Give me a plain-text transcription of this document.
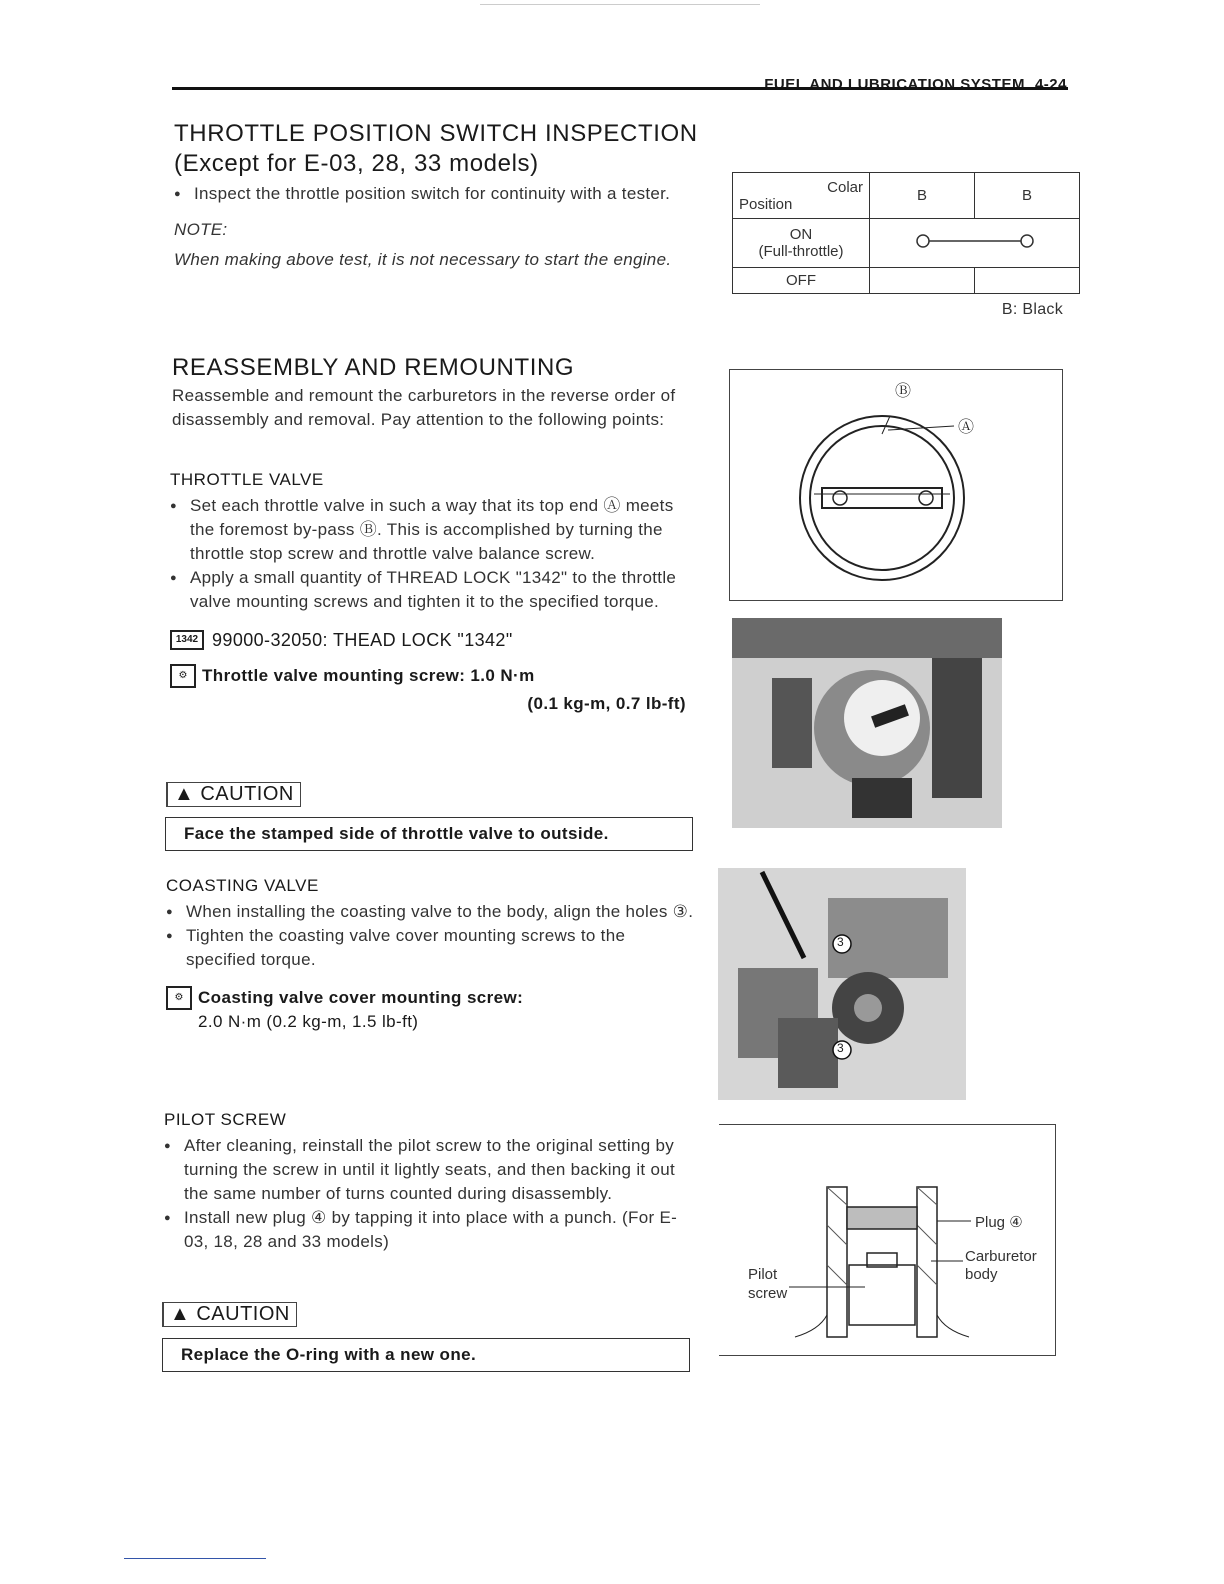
FUEL AND LUBRICATION SYSTEM 4-24
THROTTLE POSITION SWITCH INSPECTION
(Except for E-03, 28, 33 models)
● Inspect the throttle position switch for continuity with a tester.
NOTE:
When making above test, it is not necessary to start the engine.
Colar
Position	B	B

ON
(Full-throttle)

OFF		
B: Black
REASSEMBLY AND REMOUNTING
Reassemble and remount the carburetors in the reverse order of disassembly and removal. Pay attention to the following points:
THROTTLE VALVE
● Set each throttle valve in such a way that its top end Ⓐ meets the foremost by-pass Ⓑ. This is accomplished by turning the throttle stop screw and throttle valve balance screw.
● Apply a small quantity of THREAD LOCK "1342" to the throttle valve mounting screws and tighten it to the specified torque.
1342 99000-32050: THEAD LOCK "1342"
⚙ Throttle valve mounting screw: 1.0 N·m
(0.1 kg-m, 0.7 lb-ft)
▲ CAUTION
Face the stamped side of throttle valve to outside.
COASTING VALVE
● When installing the coasting valve to the body, align the holes ③.
● Tighten the coasting valve cover mounting screws to the specified torque.
⚙ Coasting valve cover mounting screw:
2.0 N·m (0.2 kg-m, 1.5 lb-ft)
PILOT SCREW
● After cleaning, reinstall the pilot screw to the original setting by turning the screw in until it lightly seats, and then backing it out the same number of turns counted during disassembly.
● Install new plug ④ by tapping it into place with a punch. (For E-03, 18, 28 and 33 models)
▲ CAUTION
Replace the O-ring with a new one.
Ⓑ
Ⓐ
3
3
Plug ④
Carburetor
body
Pilot
screw
